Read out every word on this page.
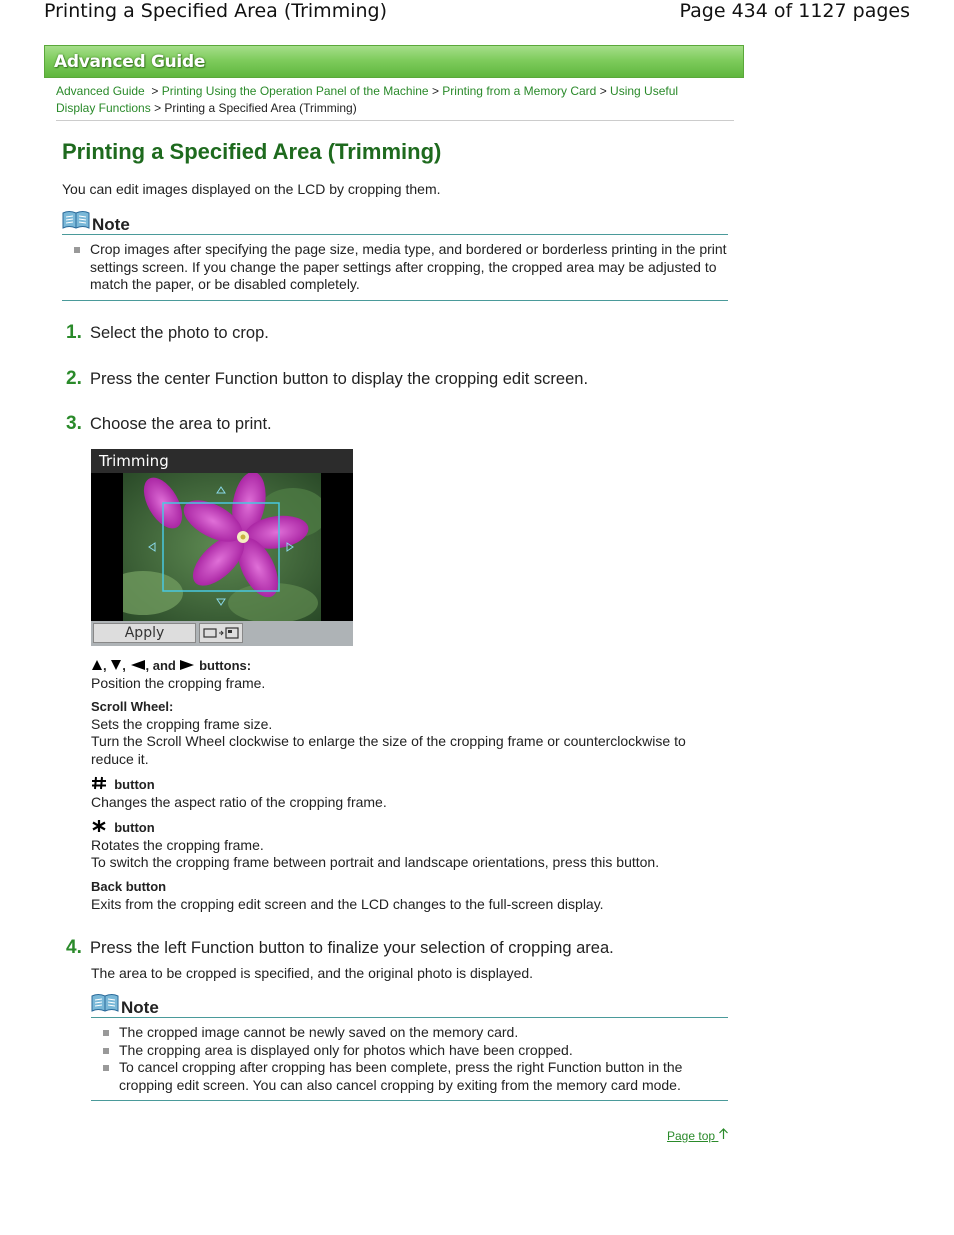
Printing a Specified Area (Trimming)	Page 434 of 1127 pages
Advanced Guide
Advanced Guide > Printing Using the Operation Panel of the Machine > Printing from a Memory Card > Using Useful Display Functions > Printing a Specified Area (Trimming)
Printing a Specified Area (Trimming)
You can edit images displayed on the LCD by cropping them.
Note
Crop images after specifying the page size, media type, and bordered or borderless printing in the print settings screen. If you change the paper settings after cropping, the cropped area may be adjusted to match the paper, or be disabled completely.
1. Select the photo to crop.
2. Press the center Function button to display the cropping edit screen.
3. Choose the area to print.
Trimming
Apply
, , , and buttons:
Position the cropping frame.
Scroll Wheel:
Sets the cropping frame size.
Turn the Scroll Wheel clockwise to enlarge the size of the cropping frame or counterclockwise to reduce it.
button
Changes the aspect ratio of the cropping frame.
button
Rotates the cropping frame.
To switch the cropping frame between portrait and landscape orientations, press this button.
Back button
Exits from the cropping edit screen and the LCD changes to the full-screen display.
4. Press the left Function button to finalize your selection of cropping area.
The area to be cropped is specified, and the original photo is displayed.
Note
The cropped image cannot be newly saved on the memory card.
The cropping area is displayed only for photos which have been cropped.
To cancel cropping after cropping has been complete, press the right Function button in the cropping edit screen. You can also cancel cropping by exiting from the memory card mode.
Page top
